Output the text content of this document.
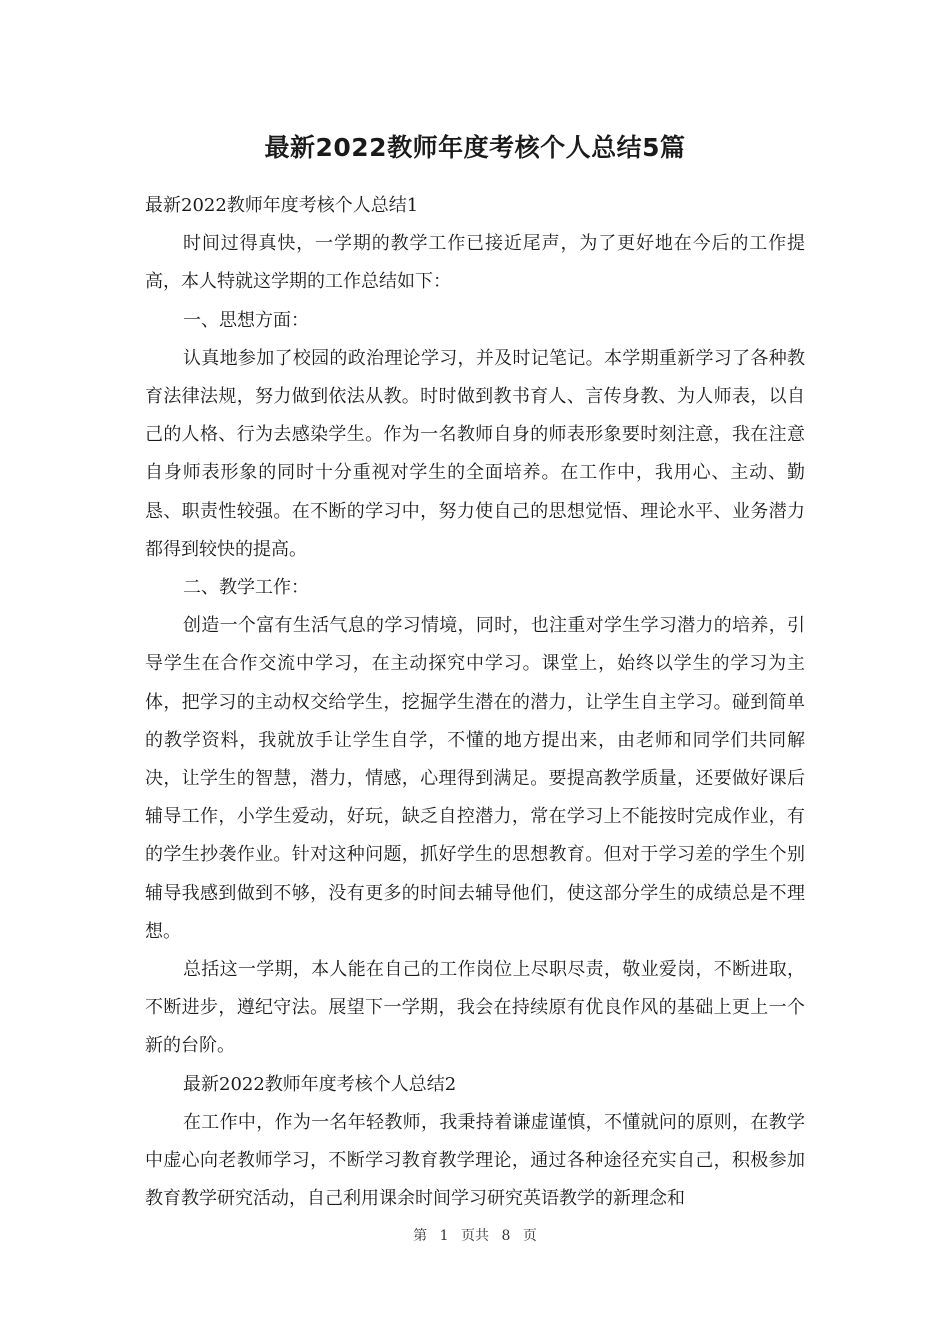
最新2022教师年度考核个人总结5篇

最新2022教师年度考核个人总结1

时间过得真快，一学期的教学工作已接近尾声，为了更好地在今后的工作提高，本人特就这学期的工作总结如下：

一、思想方面：

认真地参加了校园的政治理论学习，并及时记笔记。本学期重新学习了各种教育法律法规，努力做到依法从教。时时做到教书育人、言传身教、为人师表，以自己的人格、行为去感染学生。作为一名教师自身的师表形象要时刻注意，我在注意自身师表形象的同时十分重视对学生的全面培养。在工作中，我用心、主动、勤恳、职责性较强。在不断的学习中，努力使自己的思想觉悟、理论水平、业务潜力都得到较快的提高。

二、教学工作：

创造一个富有生活气息的学习情境，同时，也注重对学生学习潜力的培养，引导学生在合作交流中学习，在主动探究中学习。课堂上，始终以学生的学习为主体，把学习的主动权交给学生，挖掘学生潜在的潜力，让学生自主学习。碰到简单的教学资料，我就放手让学生自学，不懂的地方提出来，由老师和同学们共同解决，让学生的智慧，潜力，情感，心理得到满足。要提高教学质量，还要做好课后辅导工作，小学生爱动，好玩，缺乏自控潜力，常在学习上不能按时完成作业，有的学生抄袭作业。针对这种问题，抓好学生的思想教育。但对于学习差的学生个别辅导我感到做到不够，没有更多的时间去辅导他们，使这部分学生的成绩总是不理想。

总括这一学期，本人能在自己的工作岗位上尽职尽责，敬业爱岗，不断进取，不断进步，遵纪守法。展望下一学期，我会在持续原有优良作风的基础上更上一个新的台阶。

最新2022教师年度考核个人总结2

在工作中，作为一名年轻教师，我秉持着谦虚谨慎，不懂就问的原则，在教学中虚心向老教师学习，不断学习教育教学理论，通过各种途径充实自己，积极参加教育教学研究活动，自己利用课余时间学习研究英语教学的新理念和

第 1 页共 8 页
